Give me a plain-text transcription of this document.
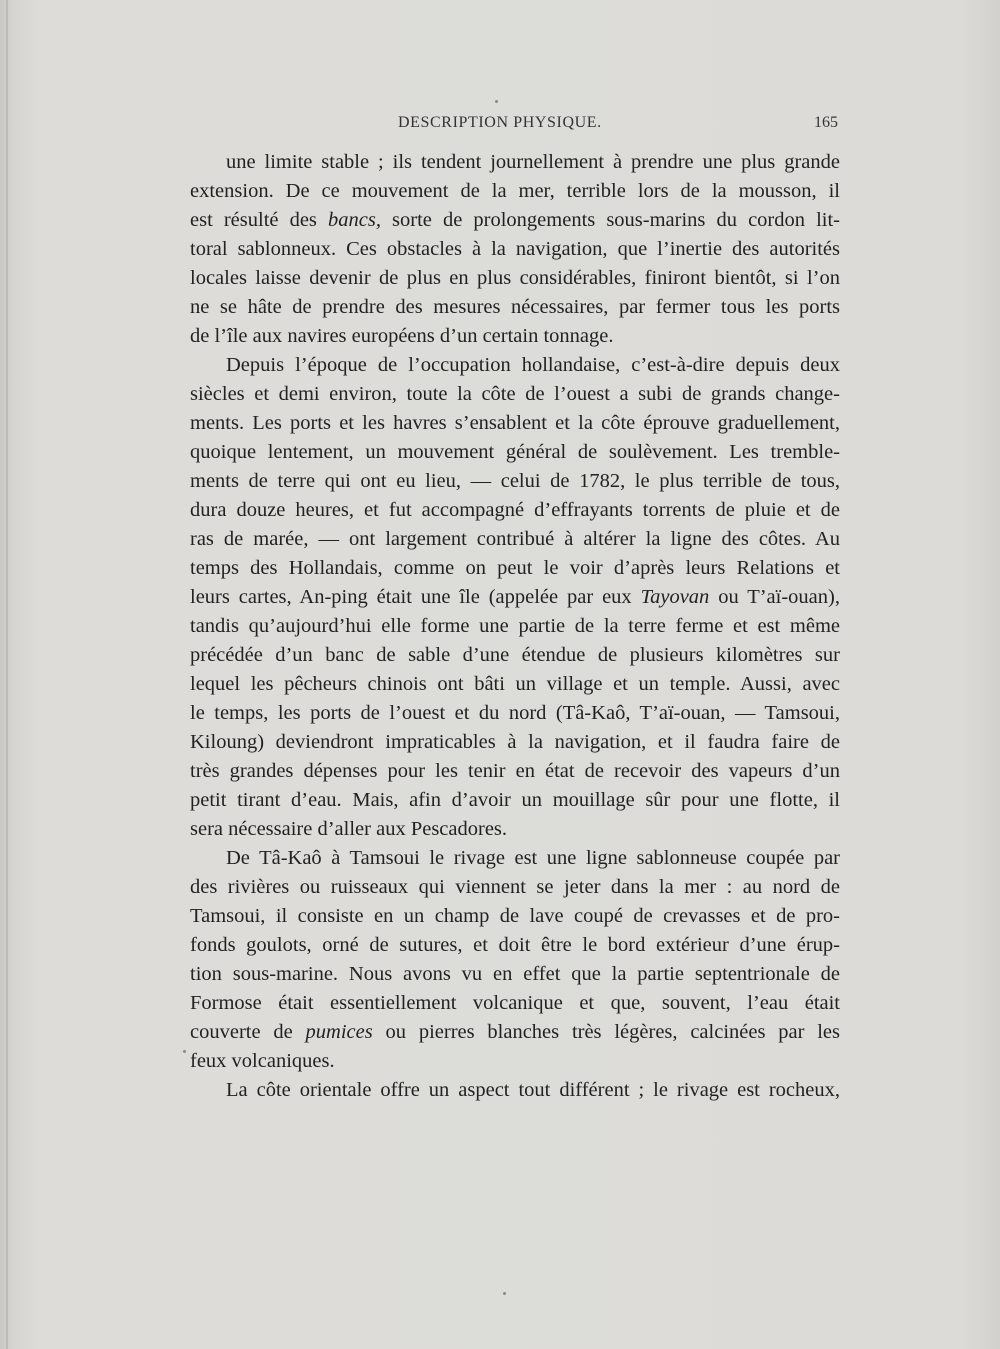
DESCRIPTION PHYSIQUE.	165
une limite stable ; ils tendent journellement à prendre une plus grande
extension. De ce mouvement de la mer, terrible lors de la mousson, il
est résulté des bancs, sorte de prolongements sous-marins du cordon lit-
toral sablonneux. Ces obstacles à la navigation, que l’inertie des autorités
locales laisse devenir de plus en plus considérables, finiront bientôt, si l’on
ne se hâte de prendre des mesures nécessaires, par fermer tous les ports
de l’île aux navires européens d’un certain tonnage.
Depuis l’époque de l’occupation hollandaise, c’est-à-dire depuis deux
siècles et demi environ, toute la côte de l’ouest a subi de grands change-
ments. Les ports et les havres s’ensablent et la côte éprouve graduellement,
quoique lentement, un mouvement général de soulèvement. Les tremble-
ments de terre qui ont eu lieu, — celui de 1782, le plus terrible de tous,
dura douze heures, et fut accompagné d’effrayants torrents de pluie et de
ras de marée, — ont largement contribué à altérer la ligne des côtes. Au
temps des Hollandais, comme on peut le voir d’après leurs Relations et
leurs cartes, An-ping était une île (appelée par eux Tayovan ou T’aï-ouan),
tandis qu’aujourd’hui elle forme une partie de la terre ferme et est même
précédée d’un banc de sable d’une étendue de plusieurs kilomètres sur
lequel les pêcheurs chinois ont bâti un village et un temple. Aussi, avec
le temps, les ports de l’ouest et du nord (Tâ-Kaô, T’aï-ouan, — Tamsoui,
Kiloung) deviendront impraticables à la navigation, et il faudra faire de
très grandes dépenses pour les tenir en état de recevoir des vapeurs d’un
petit tirant d’eau. Mais, afin d’avoir un mouillage sûr pour une flotte, il
sera nécessaire d’aller aux Pescadores.
De Tâ-Kaô à Tamsoui le rivage est une ligne sablonneuse coupée par
des rivières ou ruisseaux qui viennent se jeter dans la mer : au nord de
Tamsoui, il consiste en un champ de lave coupé de crevasses et de pro-
fonds goulots, orné de sutures, et doit être le bord extérieur d’une érup-
tion sous-marine. Nous avons vu en effet que la partie septentrionale de
Formose était essentiellement volcanique et que, souvent, l’eau était
couverte de pumices ou pierres blanches très légères, calcinées par les
feux volcaniques.
La côte orientale offre un aspect tout différent ; le rivage est rocheux,
